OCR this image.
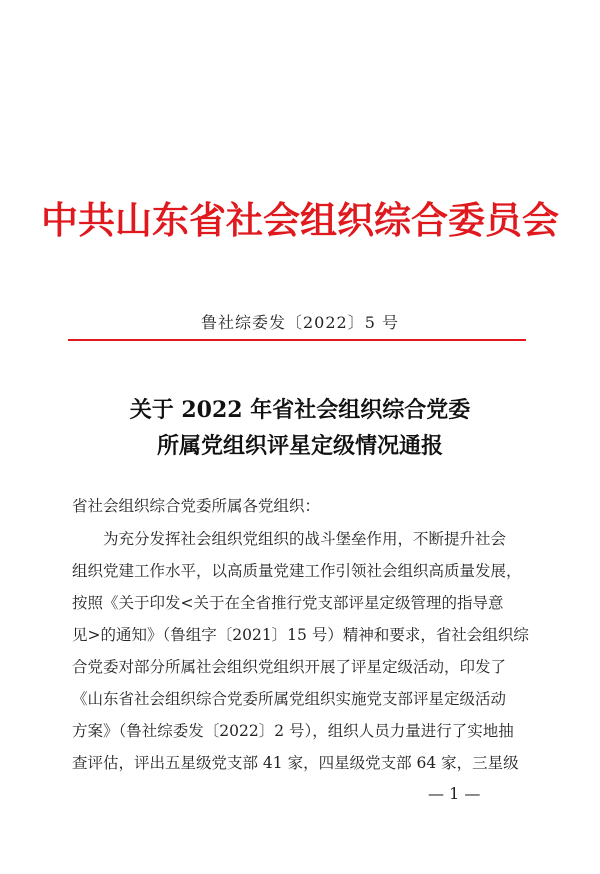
中共山东省社会组织综合委员会
鲁社综委发〔2022〕5 号
关于 2022 年省社会组织综合党委
所属党组织评星定级情况通报
省社会组织综合党委所属各党组织：
为充分发挥社会组织党组织的战斗堡垒作用，不断提升社会
组织党建工作水平，以高质量党建工作引领社会组织高质量发展，
按照《关于印发<关于在全省推行党支部评星定级管理的指导意
见>的通知》（鲁组字〔2021〕15 号）精神和要求，省社会组织综
合党委对部分所属社会组织党组织开展了评星定级活动，印发了
《山东省社会组织综合党委所属党组织实施党支部评星定级活动
方案》（鲁社综委发〔2022〕2 号），组织人员力量进行了实地抽
查评估，评出五星级党支部 41 家，四星级党支部 64 家，三星级
— 1 —
